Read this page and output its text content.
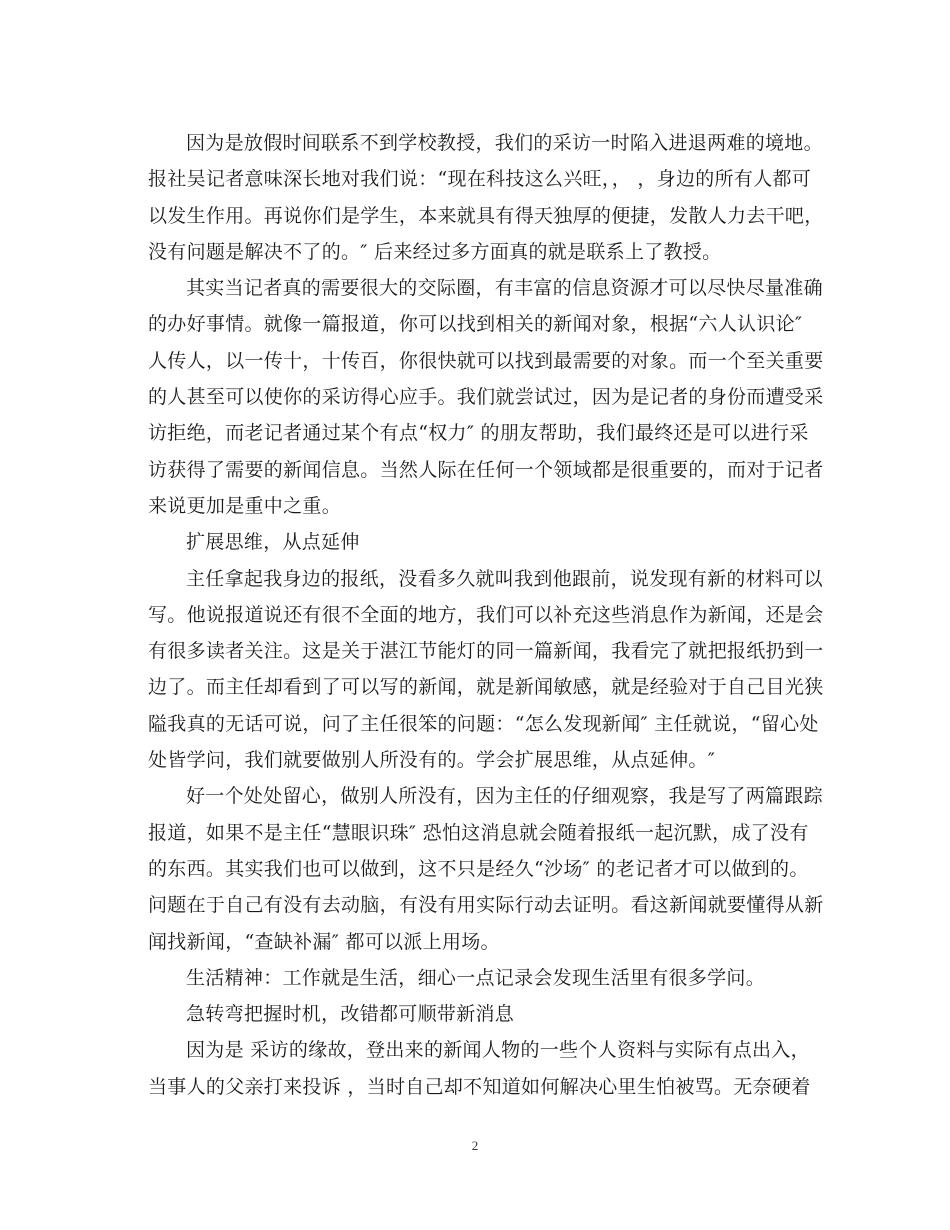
因为是放假时间联系不到学校教授，我们的采访一时陷入进退两难的境地。
报社吴记者意味深长地对我们说：“现在科技这么兴旺，， ，身边的所有人都可
以发生作用。再说你们是学生，本来就具有得天独厚的便捷，发散人力去干吧，
没有问题是解决不了的。″ 后来经过多方面真的就是联系上了教授。
其实当记者真的需要很大的交际圈，有丰富的信息资源才可以尽快尽量准确
的办好事情。就像一篇报道，你可以找到相关的新闻对象，根据“六人认识论″
人传人，以一传十，十传百，你很快就可以找到最需要的对象。而一个至关重要
的人甚至可以使你的采访得心应手。我们就尝试过，因为是记者的身份而遭受采
访拒绝，而老记者通过某个有点“权力″ 的朋友帮助，我们最终还是可以进行采
访获得了需要的新闻信息。当然人际在任何一个领域都是很重要的，而对于记者
来说更加是重中之重。
扩展思维，从点延伸
主任拿起我身边的报纸，没看多久就叫我到他跟前，说发现有新的材料可以
写。他说报道说还有很不全面的地方，我们可以补充这些消息作为新闻，还是会
有很多读者关注。这是关于湛江节能灯的同一篇新闻，我看完了就把报纸扔到一
边了。而主任却看到了可以写的新闻，就是新闻敏感，就是经验对于自己目光狭
隘我真的无话可说，问了主任很笨的问题：“怎么发现新闻″ 主任就说，“留心处
处皆学问，我们就要做别人所没有的。学会扩展思维，从点延伸。″
好一个处处留心，做别人所没有，因为主任的仔细观察，我是写了两篇跟踪
报道，如果不是主任“慧眼识珠″ 恐怕这消息就会随着报纸一起沉默，成了没有
的东西。其实我们也可以做到，这不只是经久“沙场″ 的老记者才可以做到的。
问题在于自己有没有去动脑，有没有用实际行动去证明。看这新闻就要懂得从新
闻找新闻，“查缺补漏″ 都可以派上用场。
生活精神：工作就是生活，细心一点记录会发现生活里有很多学问。
急转弯把握时机，改错都可顺带新消息
因为是 采访的缘故，登出来的新闻人物的一些个人资料与实际有点出入，
当事人的父亲打来投诉 ，当时自己却不知道如何解决心里生怕被骂。无奈硬着
2
